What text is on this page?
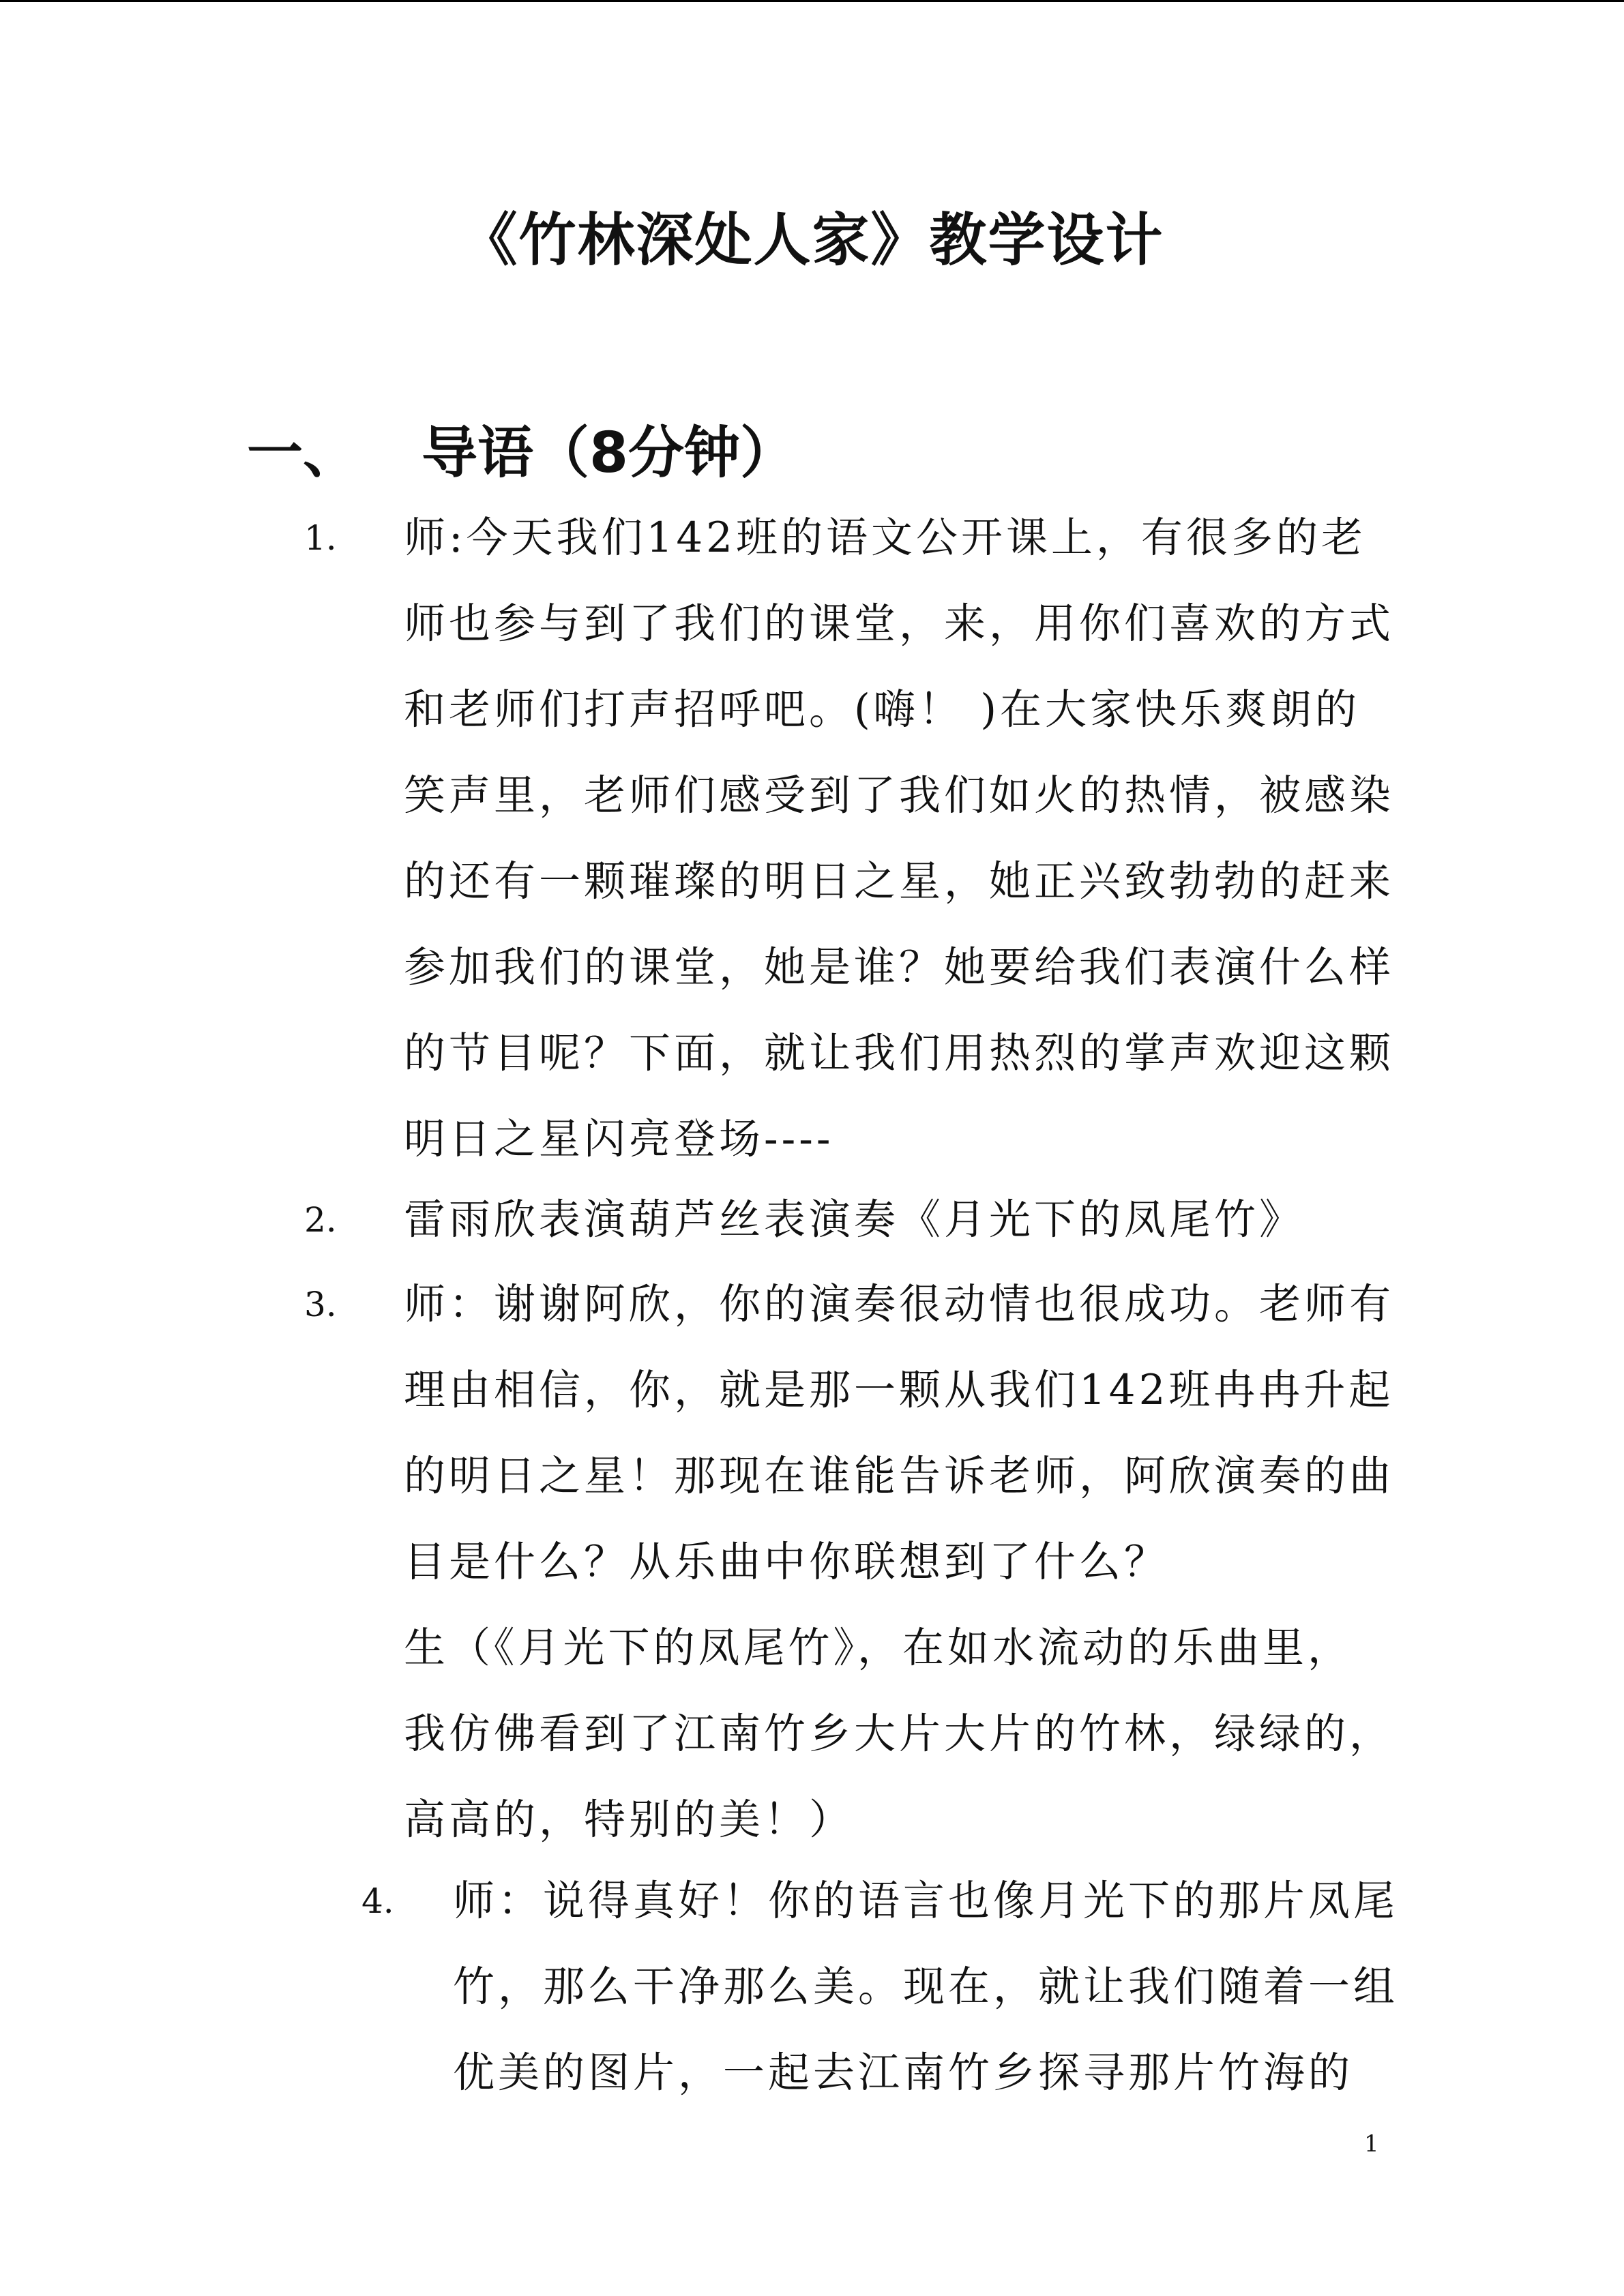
《竹林深处人家》教学设计
一、 导语（8分钟）
1. 师:今天我们142班的语文公开课上，有很多的老
师也参与到了我们的课堂，来，用你们喜欢的方式
和老师们打声招呼吧。(嗨！ )在大家快乐爽朗的
笑声里，老师们感受到了我们如火的热情，被感染
的还有一颗璀璨的明日之星，她正兴致勃勃的赶来
参加我们的课堂，她是谁？她要给我们表演什么样
的节目呢？下面，就让我们用热烈的掌声欢迎这颗
明日之星闪亮登场----
2. 雷雨欣表演葫芦丝表演奏《月光下的凤尾竹》
3. 师：谢谢阿欣，你的演奏很动情也很成功。老师有
理由相信，你，就是那一颗从我们142班冉冉升起
的明日之星！那现在谁能告诉老师，阿欣演奏的曲
目是什么？从乐曲中你联想到了什么？
生（《月光下的凤尾竹》，在如水流动的乐曲里，
我仿佛看到了江南竹乡大片大片的竹林，绿绿的，
高高的，特别的美！）
4. 师：说得真好！你的语言也像月光下的那片凤尾
竹，那么干净那么美。现在，就让我们随着一组
优美的图片，一起去江南竹乡探寻那片竹海的
1
